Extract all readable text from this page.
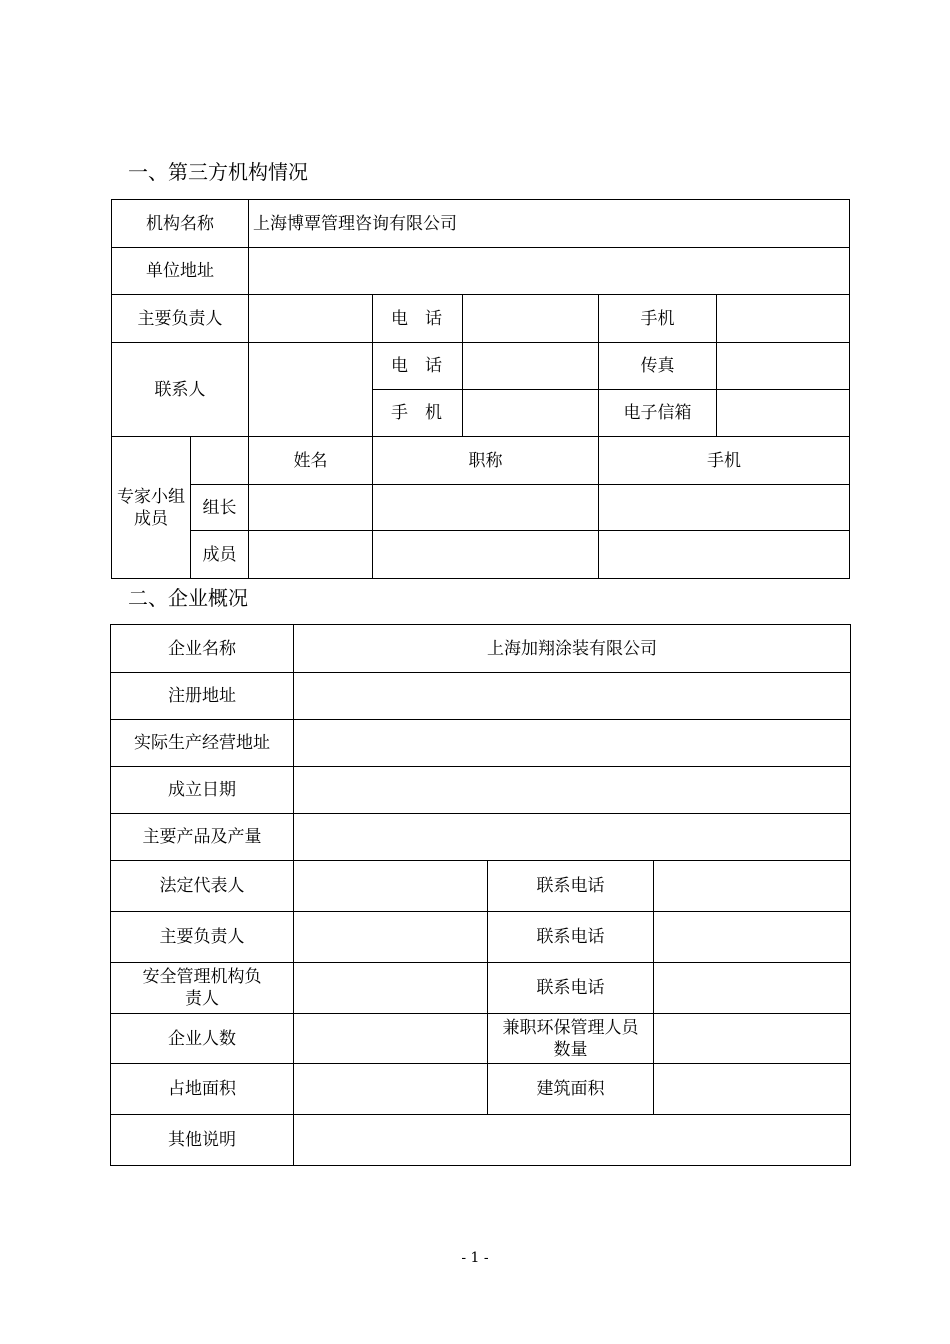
一、第三方机构情况
机构名称		上海博覃管理咨询有限公司				
单位地址						
主要负责人			电　话		手机	
联系人			电　话		传真	
			手　机		电子信箱	
专家小组成员		姓名	职称		手机	
	组长					
	成员					
二、企业概况
企业名称	上海加翔涂装有限公司		
注册地址			
实际生产经营地址			
成立日期			
主要产品及产量			
法定代表人		联系电话	
主要负责人		联系电话	
安全管理机构负责人		联系电话	
企业人数		兼职环保管理人员数量	
占地面积		建筑面积	
其他说明			
- 1 -
